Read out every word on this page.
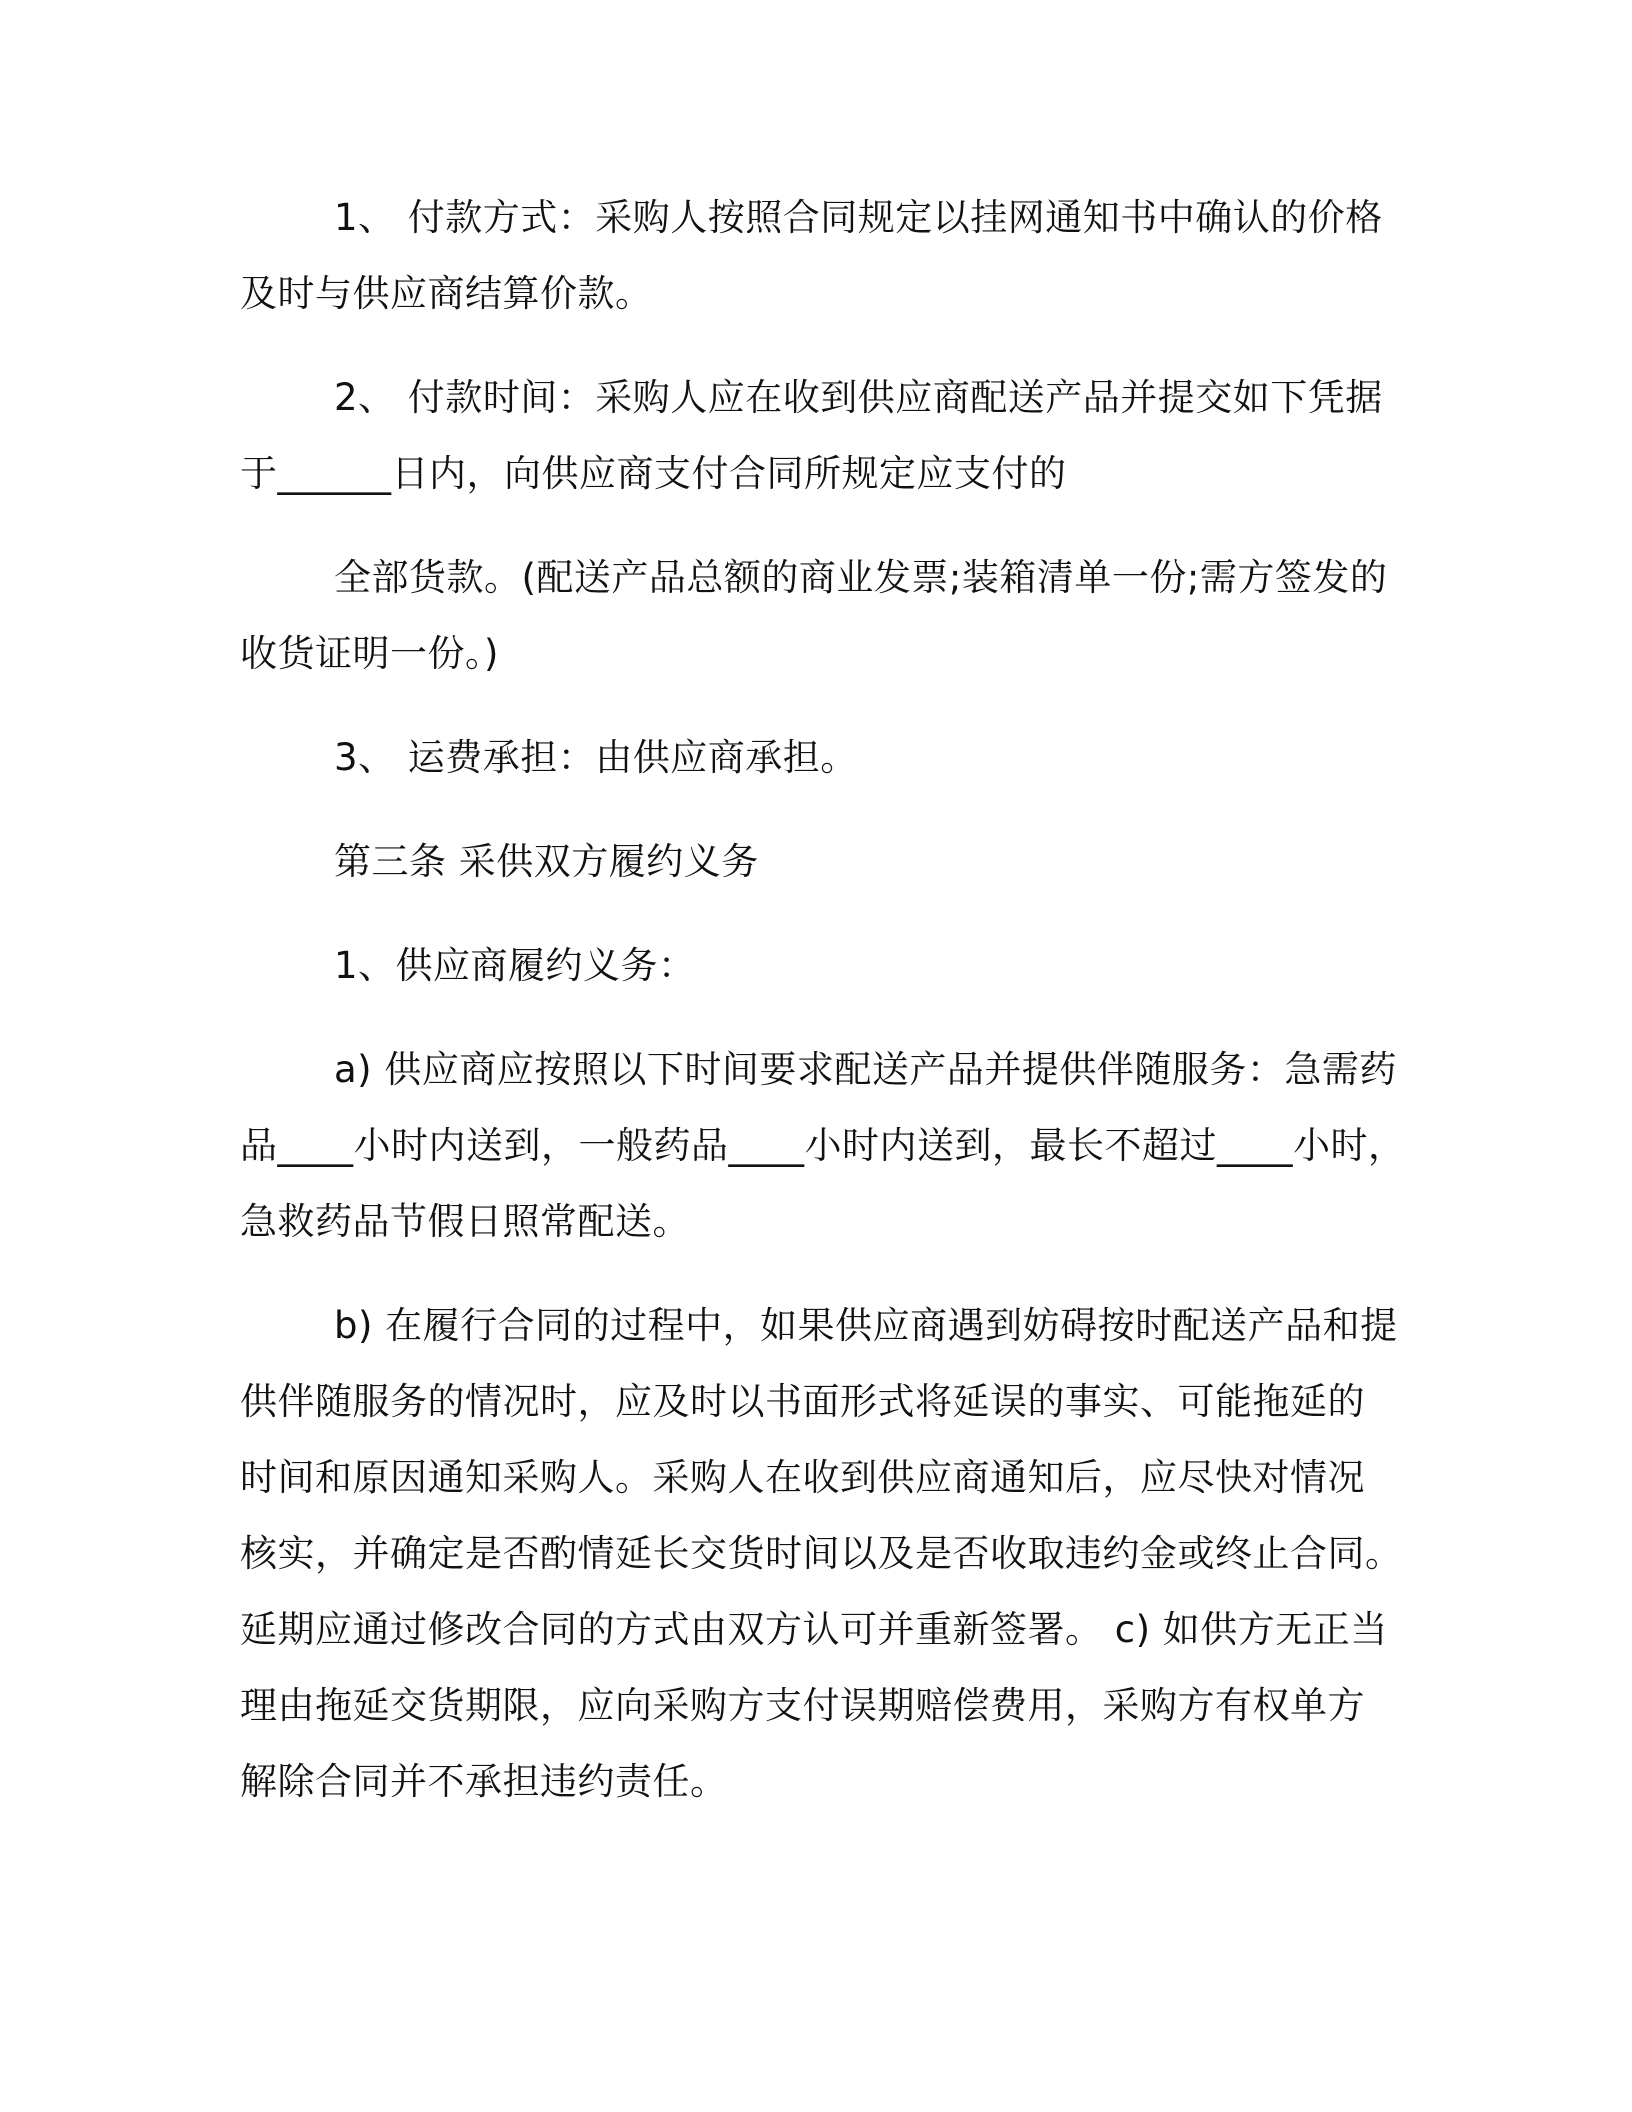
1、 付款方式：采购人按照合同规定以挂网通知书中确认的价格
及时与供应商结算价款。
2、 付款时间：采购人应在收到供应商配送产品并提交如下凭据
于______日内，向供应商支付合同所规定应支付的
全部货款。(配送产品总额的商业发票;装箱清单一份;需方签发的
收货证明一份。)
3、 运费承担：由供应商承担。
第三条 采供双方履约义务
1、供应商履约义务：
a) 供应商应按照以下时间要求配送产品并提供伴随服务：急需药
品____小时内送到，一般药品____小时内送到，最长不超过____小时，
急救药品节假日照常配送。
b) 在履行合同的过程中，如果供应商遇到妨碍按时配送产品和提
供伴随服务的情况时，应及时以书面形式将延误的事实、可能拖延的
时间和原因通知采购人。采购人在收到供应商通知后，应尽快对情况
核实，并确定是否酌情延长交货时间以及是否收取违约金或终止合同。
延期应通过修改合同的方式由双方认可并重新签署。 c) 如供方无正当
理由拖延交货期限，应向采购方支付误期赔偿费用，采购方有权单方
解除合同并不承担违约责任。
